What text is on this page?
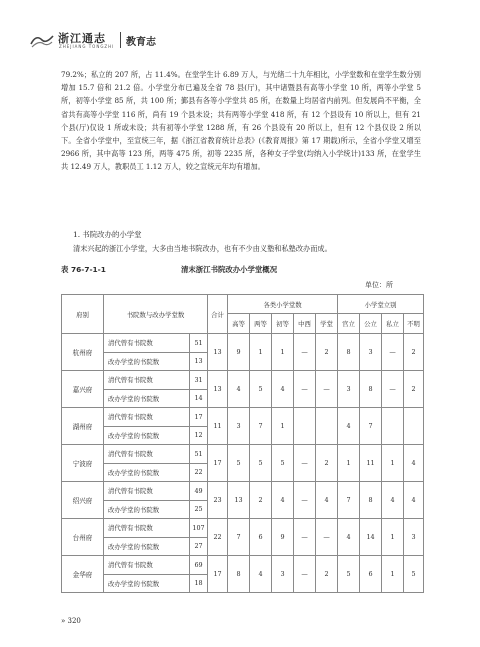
浙江通志
ZHEJIANG TONGZHI 教育志

79.2%；私立的 207 所，占 11.4%。在堂学生计 6.89 万人，与光绪二十九年相比，小学堂数和在堂学生数分别增加 15.7 倍和 21.2 倍。小学堂分布已遍及全省 78 县(厅)，其中诸暨县有高等小学堂 10 所，两等小学堂 5 所，初等小学堂 85 所，共 100 所；鄞县有各等小学堂共 85 所，在数量上均居省内前列。但发展尚不平衡，全省共有高等小学堂 116 所，尚有 19 个县未设；共有两等小学堂 418 所，有 12 个县设有 10 所以上，但有 21 个县(厅)仅设 1 所或未设；共有初等小学堂 1288 所，有 26 个县设有 20 所以上，但有 12 个县仅设 2 所以下。全省小学堂中，至宣统三年，据《浙江省教育统计总表》(《教育周报》第 17 期载)所示，全省小学堂又增至 2966 所，其中高等 123 所，两等 475 所，初等 2235 所，各种女子学堂(均纳入小学统计)133 所，在堂学生共 12.49 万人，教职员工 1.12 万人，较之宣统元年均有增加。

1. 书院改办的小学堂
清末兴起的浙江小学堂，大多由当地书院改办，也有不少由义塾和私塾改办而成。
表 76-7-1-1	清末浙江书院改办小学堂概况
单位：所
府别	书院数与改办学堂数		合计	各类小学堂数					小学堂立别			
				高等	两等	初等	中西	学堂	官立	公立	私立	不明
杭州府	清代曾有书院数	51	13	9	1	1	—	2	8	3	—	2
	改办学堂的书院数	13										
嘉兴府	清代曾有书院数	31	13	4	5	4	—	—	3	8	—	2
	改办学堂的书院数	14										
湖州府	清代曾有书院数	17	11	3	7	1			4	7		
	改办学堂的书院数	12										
宁波府	清代曾有书院数	51	17	5	5	5	—	2	1	11	1	4
	改办学堂的书院数	22										
绍兴府	清代曾有书院数	49	23	13	2	4	—	4	7	8	4	4
	改办学堂的书院数	25										
台州府	清代曾有书院数	107	22	7	6	9	—	—	4	14	1	3
	改办学堂的书院数	27										
金华府	清代曾有书院数	69	17	8	4	3	—	2	5	6	1	5
	改办学堂的书院数	18										
» 320
